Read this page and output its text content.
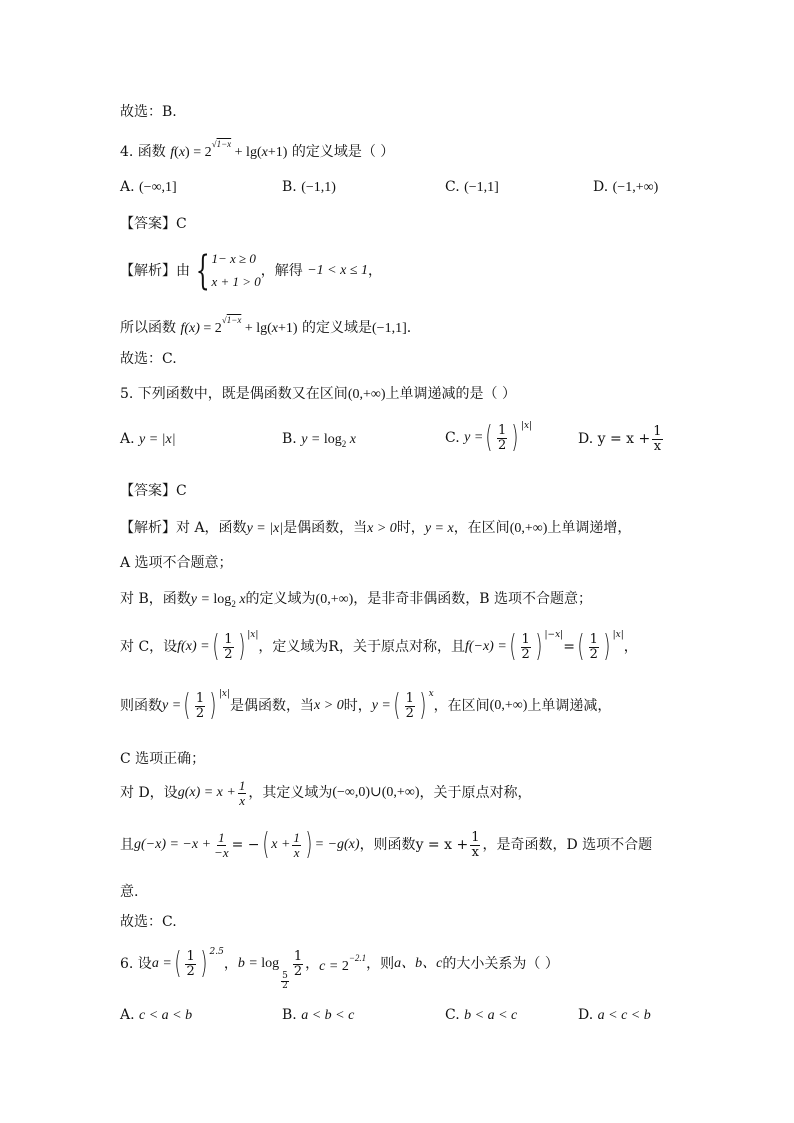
故选：B.
4. 函数 $f(x) = 2^{√1-x} + \lg(x+1)$ 的定义域是（ ）
A. (−∞,1]	B. (−1,1)	C. (−1,1]	D. (−1,+∞)
【答案】C
【解析】由 { 1− x ≥ 0
x + 1 > 0
，解得 −1 < x ≤ 1，
所以函数 $f(x) = 2^{√1-x} + \lg(x+1)$ 的定义域是(−1,1].
故选：C.
5. 下列函数中，既是偶函数又在区间(0,+∞)上单调递减的是（ ）
A. y = |x|	B. $y = \log_2 x$	C. y =( $\frac{1}{2}$ ) $^{|x|}$
D. $y = x + \frac{1}{x}$
【答案】C
【解析】对 A，函数y = |x|是偶函数，当x > 0时，y = x，在区间(0,+∞)上单调递增，
A 选项不合题意；
对 B，函数$y = \log_2 x$的定义域为(0,+∞)，是非奇非偶函数，B 选项不合题意；
对 C，设f(x) =( $\frac{1}{2}$ ) $^{|x|}$，定义域为R，关于原点对称，且f(−x) =( $\frac{1}{2}$ ) $^{|-x|}=( \frac{1}{2}$ ) $^{|x|}$，
则函数y =( $\frac{1}{2}$ ) $^{|x|}$是偶函数，当x > 0时，y =( $\frac{1}{2}$ ) $^x$，在区间(0,+∞)上单调递减，
C 选项正确；
对 D，设$g(x) = x + \frac{1}{x}$ ，其定义域为(−∞,0)∪(0,+∞)，关于原点对称，
且$g(-x) = -x + \frac{1}{-x}$ = −( $x + \frac{1}{x}$ ) = −g(x)，则函数$y = x + \frac{1}{x}$ ，是奇函数，D 选项不合题
意.
故选：C.
6. 设a =( $\frac{1}{2}$ ) $^{2.5}$，b = log
$\frac{5}{2}$
$\frac{1}{2}$ ，$c = 2^{-2.1}$，则a、b、c的大小关系为（ ）
A. c < a < b	B. a < b < c	C. b < a < c	D. a < c < b
